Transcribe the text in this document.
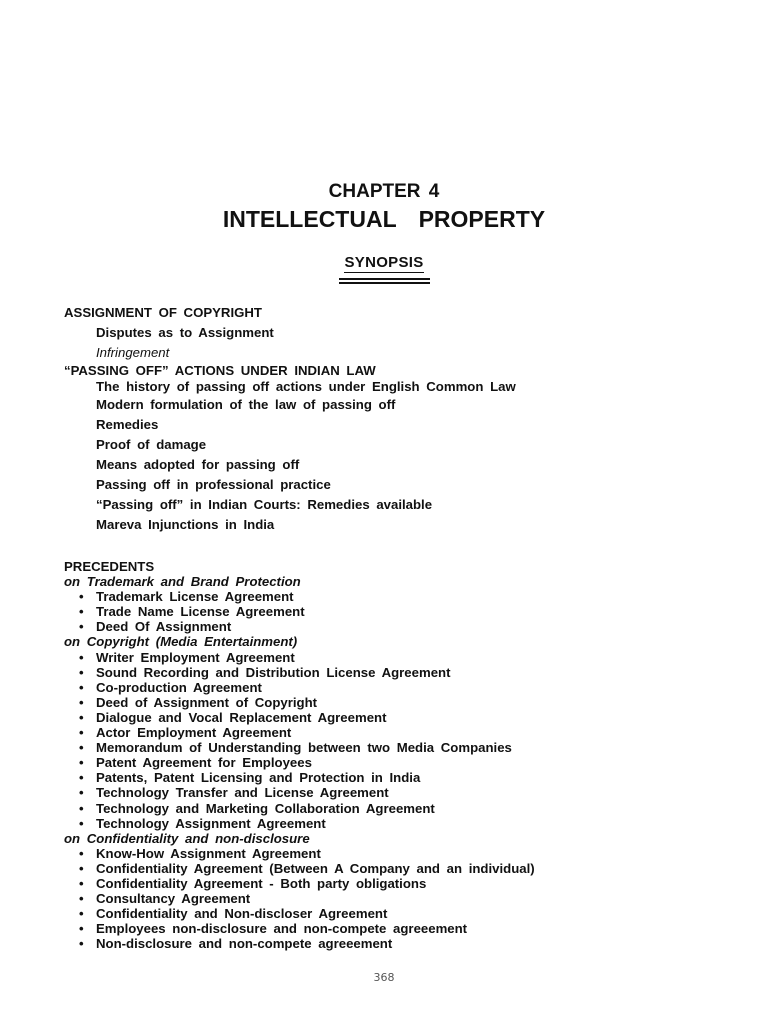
CHAPTER 4
INTELLECTUAL PROPERTY
SYNOPSIS
ASSIGNMENT OF COPYRIGHT
Disputes as to Assignment
Infringement
“PASSING OFF” ACTIONS UNDER INDIAN LAW
The history of passing off actions under English Common Law
Modern formulation of the law of passing off
Remedies
Proof of damage
Means adopted for passing off
Passing off in professional practice
“Passing off” in Indian Courts: Remedies available
Mareva Injunctions in India
PRECEDENTS
on Trademark and Brand Protection
• Trademark License Agreement
• Trade Name License Agreement
• Deed Of Assignment
on Copyright (Media Entertainment)
• Writer Employment Agreement
• Sound Recording and Distribution License Agreement
• Co-production Agreement
• Deed of Assignment of Copyright
• Dialogue and Vocal Replacement Agreement
• Actor Employment Agreement
• Memorandum of Understanding between two Media Companies
• Patent Agreement for Employees
• Patents, Patent Licensing and Protection in India
• Technology Transfer and License Agreement
• Technology and Marketing Collaboration Agreement
• Technology Assignment Agreement
on Confidentiality and non-disclosure
• Know-How Assignment Agreement
• Confidentiality Agreement (Between A Company and an individual)
• Confidentiality Agreement - Both party obligations
• Consultancy Agreement
• Confidentiality and Non-discloser Agreement
• Employees non-disclosure and non-compete agreeement
• Non-disclosure and non-compete agreeement
368
